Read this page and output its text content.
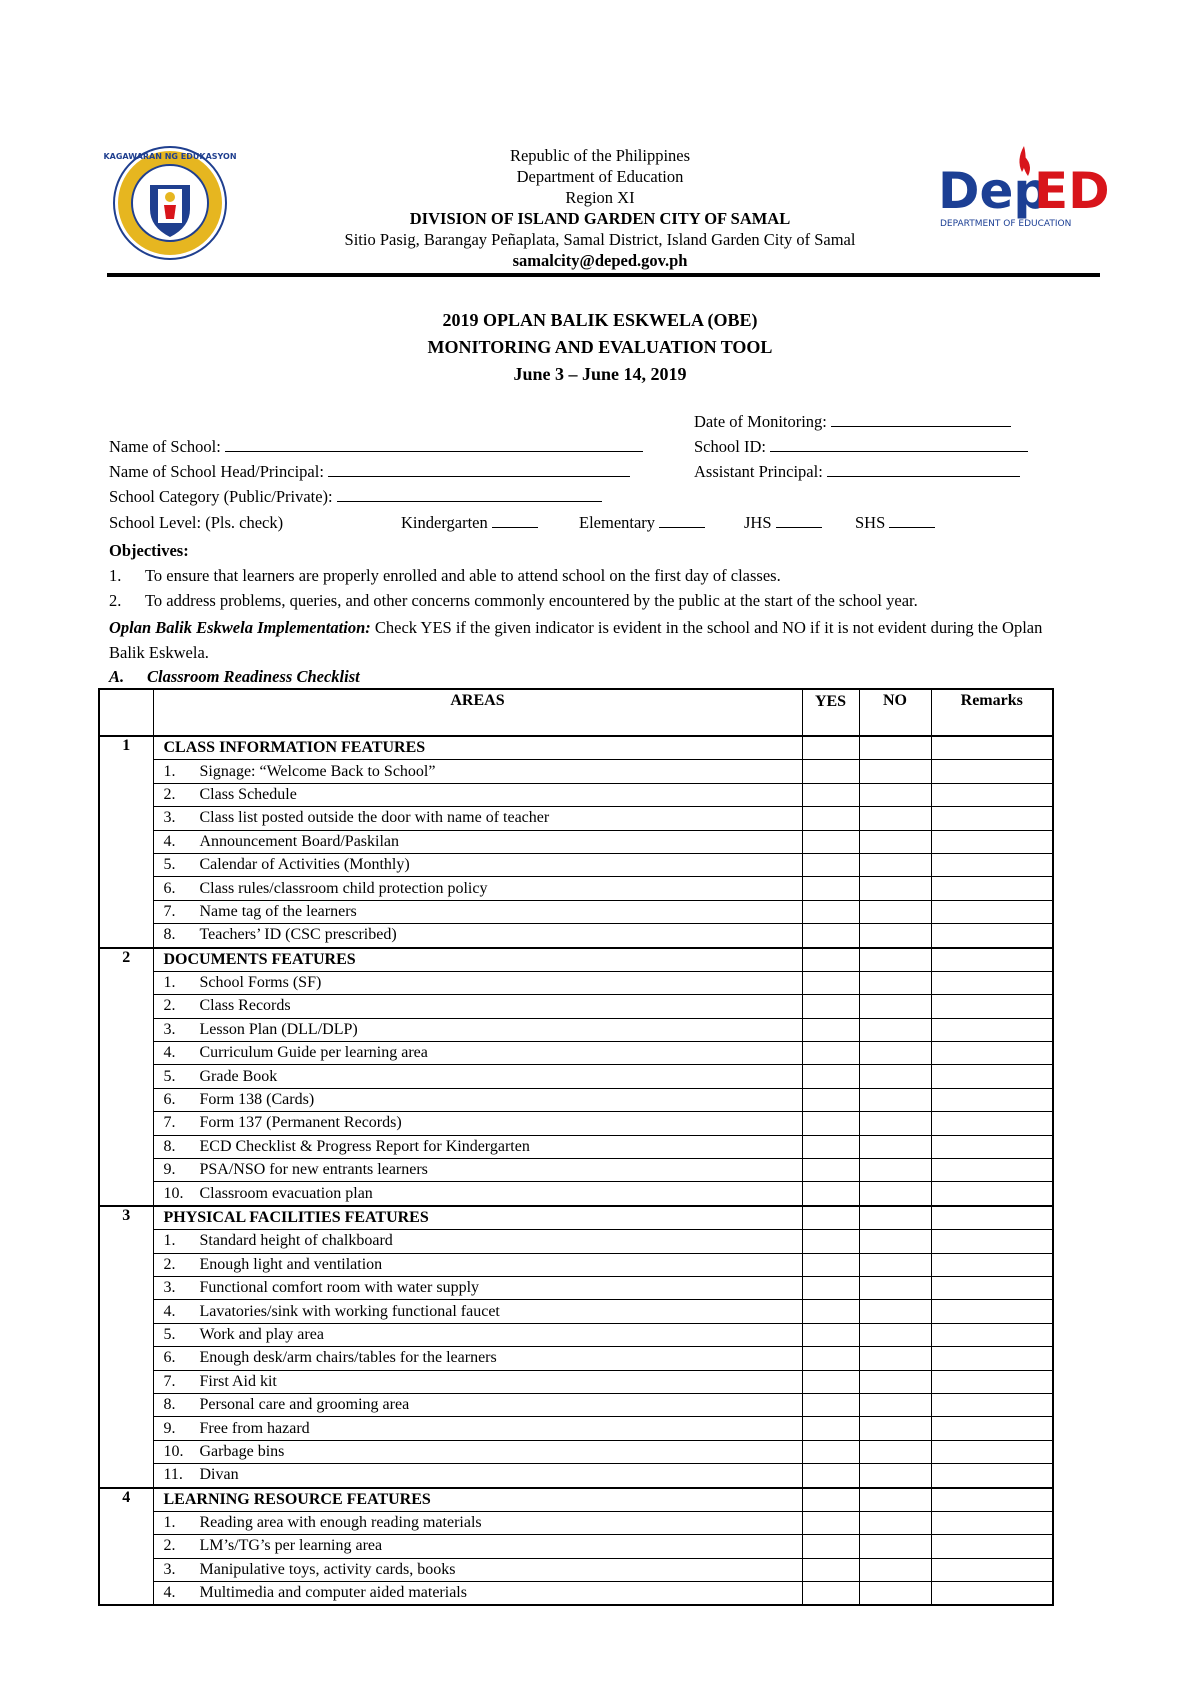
KAGAWARAN NG EDUKASYON
Dep
ED
DEPARTMENT OF EDUCATION
Republic of the Philippines
Department of Education
Region XI
DIVISION OF ISLAND GARDEN CITY OF SAMAL
Sitio Pasig, Barangay Peñaplata, Samal District, Island Garden City of Samal
samalcity@deped.gov.ph
2019 OPLAN BALIK ESKWELA (OBE)
MONITORING AND EVALUATION TOOL
June 3 – June 14, 2019
Date of Monitoring:
Name of School:	School ID:
Name of School Head/Principal:	Assistant Principal:
School Category (Public/Private):
School Level: (Pls. check)	Kindergarten	Elementary	JHS	SHS
Objectives:
1. To ensure that learners are properly enrolled and able to attend school on the first day of classes.
2. To address problems, queries, and other concerns commonly encountered by the public at the start of the school year.
Oplan Balik Eskwela Implementation: Check YES if the given indicator is evident in the school and NO if it is not evident during the Oplan Balik Eskwela.
A. Classroom Readiness Checklist
	AREAS	YES	NO	Remarks
1	CLASS INFORMATION FEATURES			
	1. Signage: “Welcome Back to School”			
	2. Class Schedule			
	3. Class list posted outside the door with name of teacher			
	4. Announcement Board/Paskilan			
	5. Calendar of Activities (Monthly)			
	6. Class rules/classroom child protection policy			
	7. Name tag of the learners			
	8. Teachers’ ID (CSC prescribed)			
2	DOCUMENTS FEATURES			
	1. School Forms (SF)			
	2. Class Records			
	3. Lesson Plan (DLL/DLP)			
	4. Curriculum Guide per learning area			
	5. Grade Book			
	6. Form 138 (Cards)			
	7. Form 137 (Permanent Records)			
	8. ECD Checklist & Progress Report for Kindergarten			
	9. PSA/NSO for new entrants learners			
	10. Classroom evacuation plan			
3	PHYSICAL FACILITIES FEATURES			
	1. Standard height of chalkboard			
	2. Enough light and ventilation			
	3. Functional comfort room with water supply			
	4. Lavatories/sink with working functional faucet			
	5. Work and play area			
	6. Enough desk/arm chairs/tables for the learners			
	7. First Aid kit			
	8. Personal care and grooming area			
	9. Free from hazard			
	10. Garbage bins			
	11. Divan			
4	LEARNING RESOURCE FEATURES			
	1. Reading area with enough reading materials			
	2. LM’s/TG’s per learning area			
	3. Manipulative toys, activity cards, books			
	4. Multimedia and computer aided materials			
